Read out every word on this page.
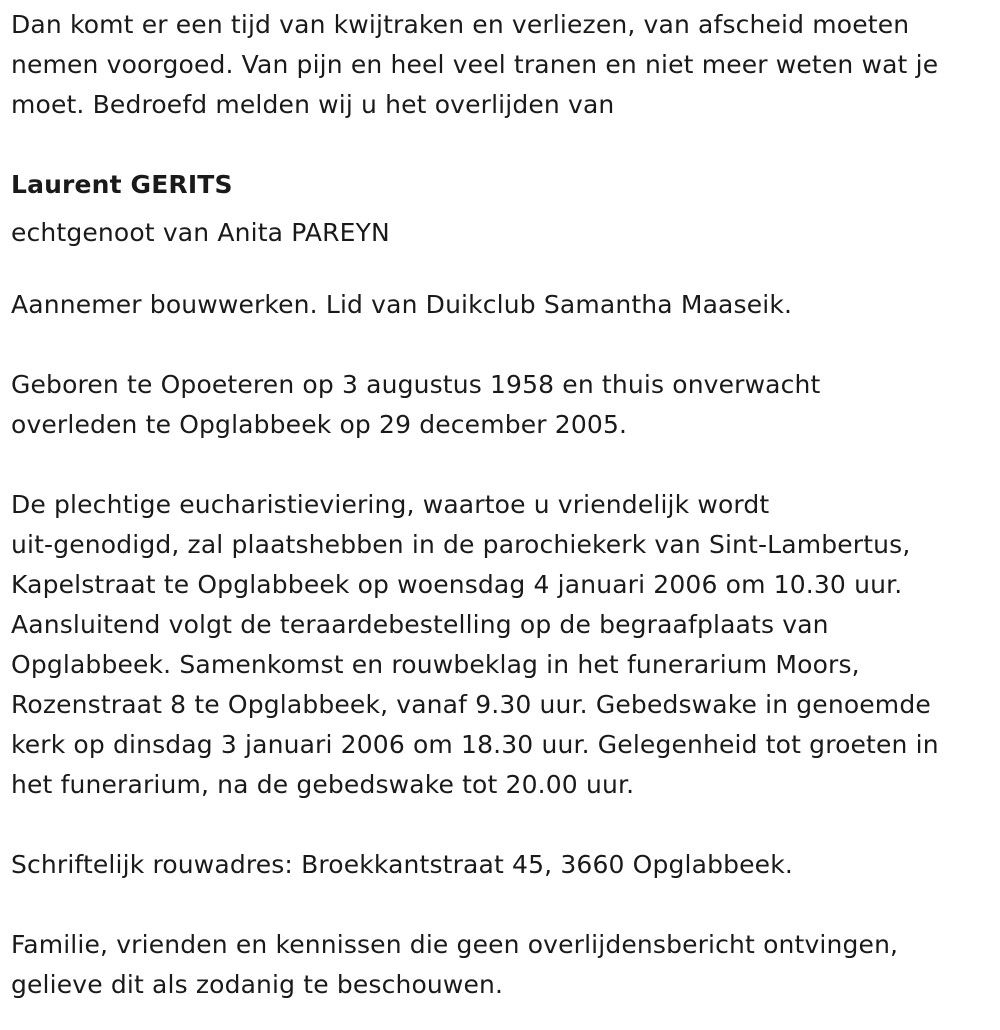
Dan komt er een tijd van kwijtraken en verliezen, van afscheid moeten
nemen voorgoed. Van pijn en heel veel tranen en niet meer weten wat je
moet. Bedroefd melden wij u het overlijden van
Laurent GERITS
echtgenoot van Anita PAREYN
Aannemer bouwwerken. Lid van Duikclub Samantha Maaseik.
Geboren te Opoeteren op 3 augustus 1958 en thuis onverwacht
overleden te Opglabbeek op 29 december 2005.
De plechtige eucharistieviering, waartoe u vriendelijk wordt
uit-genodigd, zal plaatshebben in de parochiekerk van Sint-Lambertus,
Kapelstraat te Opglabbeek op woensdag 4 januari 2006 om 10.30 uur.
Aansluitend volgt de teraardebestelling op de begraafplaats van
Opglabbeek. Samenkomst en rouwbeklag in het funerarium Moors,
Rozenstraat 8 te Opglabbeek, vanaf 9.30 uur. Gebedswake in genoemde
kerk op dinsdag 3 januari 2006 om 18.30 uur. Gelegenheid tot groeten in
het funerarium, na de gebedswake tot 20.00 uur.
Schriftelijk rouwadres: Broekkantstraat 45, 3660 Opglabbeek.
Familie, vrienden en kennissen die geen overlijdensbericht ontvingen,
gelieve dit als zodanig te beschouwen.
